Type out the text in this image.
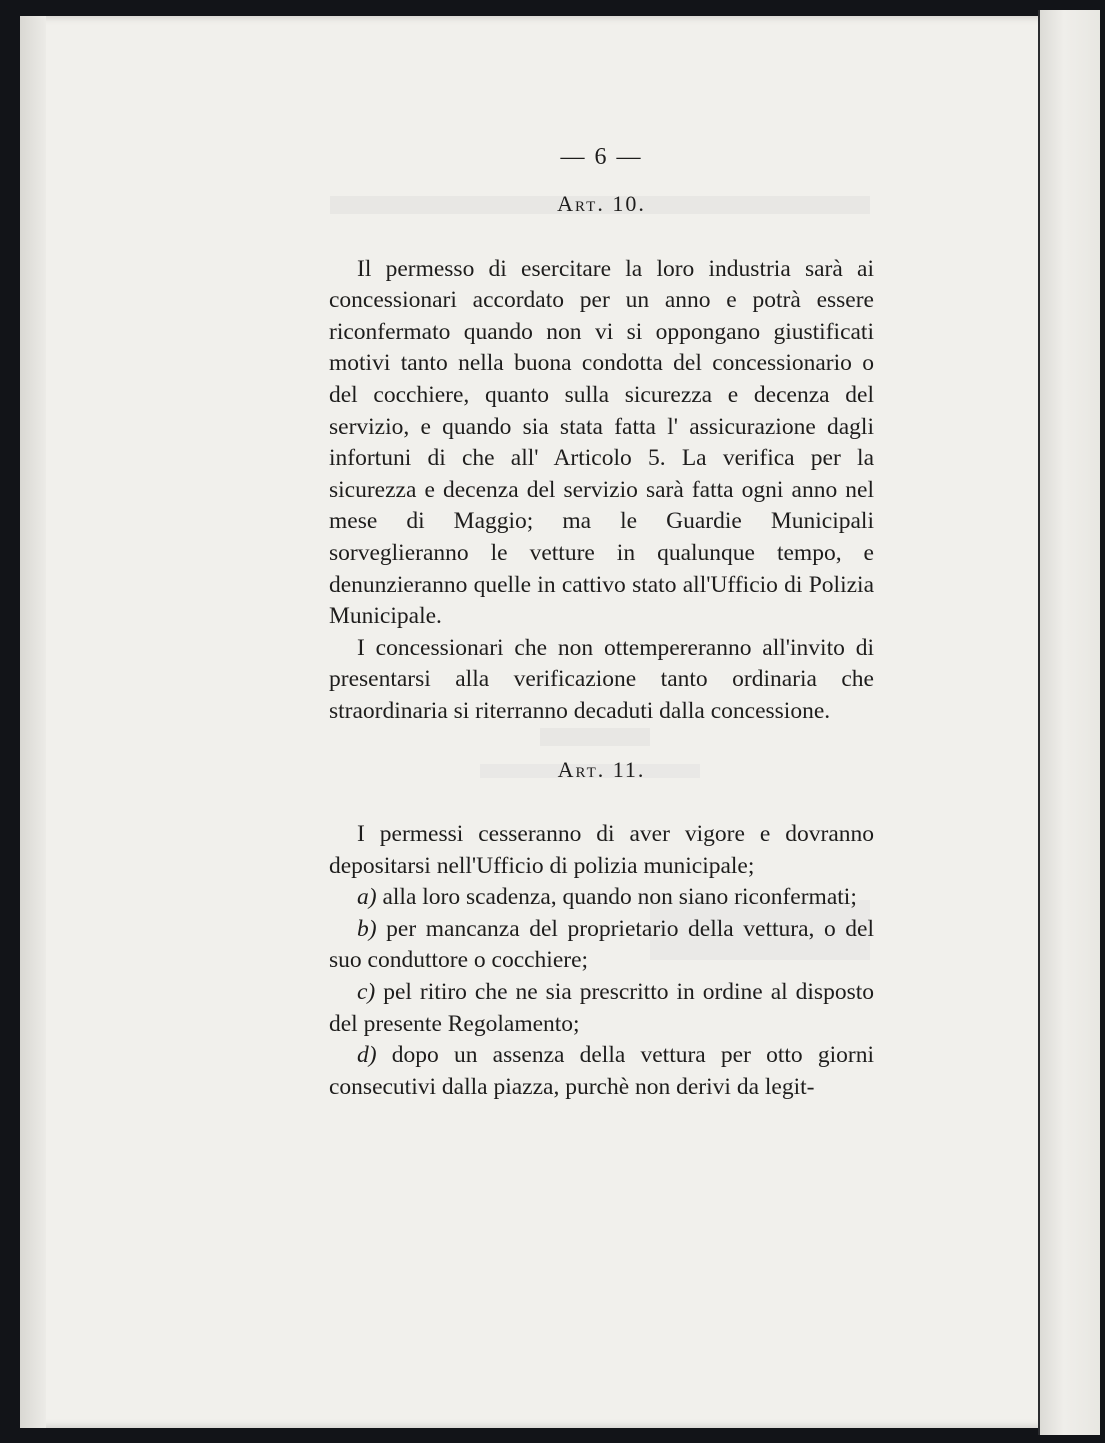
— 6 —

Art. 10.

Il permesso di esercitare la loro industria sarà ai concessionari accordato per un anno e potrà essere riconfermato quando non vi si oppongano giustificati motivi tanto nella buona condotta del concessionario o del cocchiere, quanto sulla sicurezza e decenza del servizio, e quando sia stata fatta l' assicurazione dagli infortuni di che all' Articolo 5. La verifica per la sicurezza e decenza del servizio sarà fatta ogni anno nel mese di Maggio; ma le Guardie Municipali sorveglieranno le vetture in qualunque tempo, e denunzieranno quelle in cattivo stato all'Ufficio di Polizia Municipale.

I concessionari che non ottempereranno all'invito di presentarsi alla verificazione tanto ordinaria che straordinaria si riterranno decaduti dalla concessione.

Art. 11.

I permessi cesseranno di aver vigore e dovranno depositarsi nell'Ufficio di polizia municipale;

a) alla loro scadenza, quando non siano riconfermati;

b) per mancanza del proprietario della vettura, o del suo conduttore o cocchiere;

c) pel ritiro che ne sia prescritto in ordine al disposto del presente Regolamento;

d) dopo un assenza della vettura per otto giorni consecutivi dalla piazza, purchè non derivi da legit-
